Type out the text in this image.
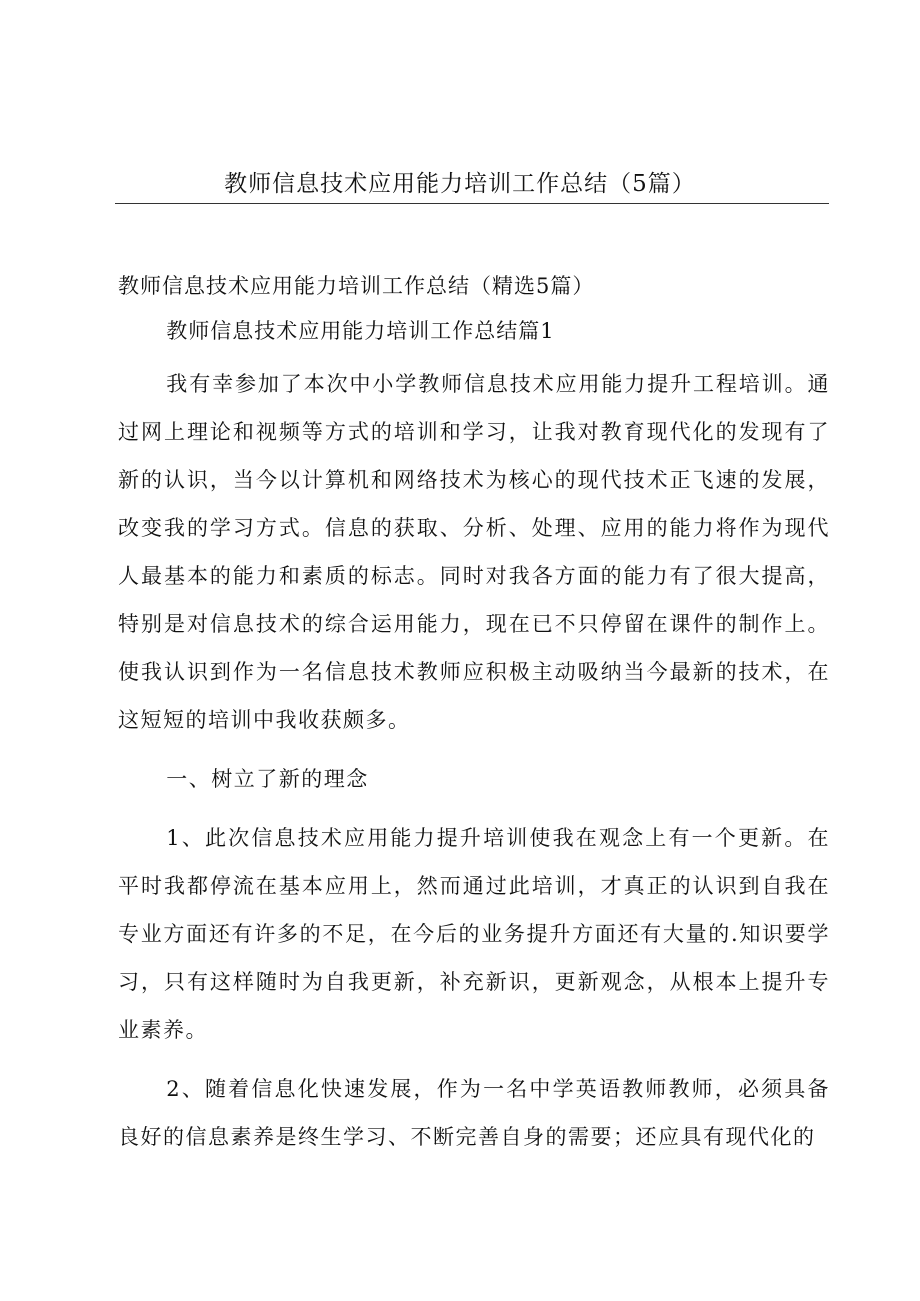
教师信息技术应用能力培训工作总结（5篇）

教师信息技术应用能力培训工作总结（精选5篇）

教师信息技术应用能力培训工作总结篇1

我有幸参加了本次中小学教师信息技术应用能力提升工程培训。通过网上理论和视频等方式的培训和学习，让我对教育现代化的发现有了新的认识，当今以计算机和网络技术为核心的现代技术正飞速的发展，改变我的学习方式。信息的获取、分析、处理、应用的能力将作为现代人最基本的能力和素质的标志。同时对我各方面的能力有了很大提高，特别是对信息技术的综合运用能力，现在已不只停留在课件的制作上。使我认识到作为一名信息技术教师应积极主动吸纳当今最新的技术，在这短短的培训中我收获颇多。

一、树立了新的理念

1、此次信息技术应用能力提升培训使我在观念上有一个更新。在平时我都停流在基本应用上，然而通过此培训，才真正的认识到自我在专业方面还有许多的不足，在今后的业务提升方面还有大量的.知识要学习，只有这样随时为自我更新，补充新识，更新观念，从根本上提升专业素养。

2、随着信息化快速发展，作为一名中学英语教师教师，必须具备良好的信息素养是终生学习、不断完善自身的需要；还应具有现代化的
